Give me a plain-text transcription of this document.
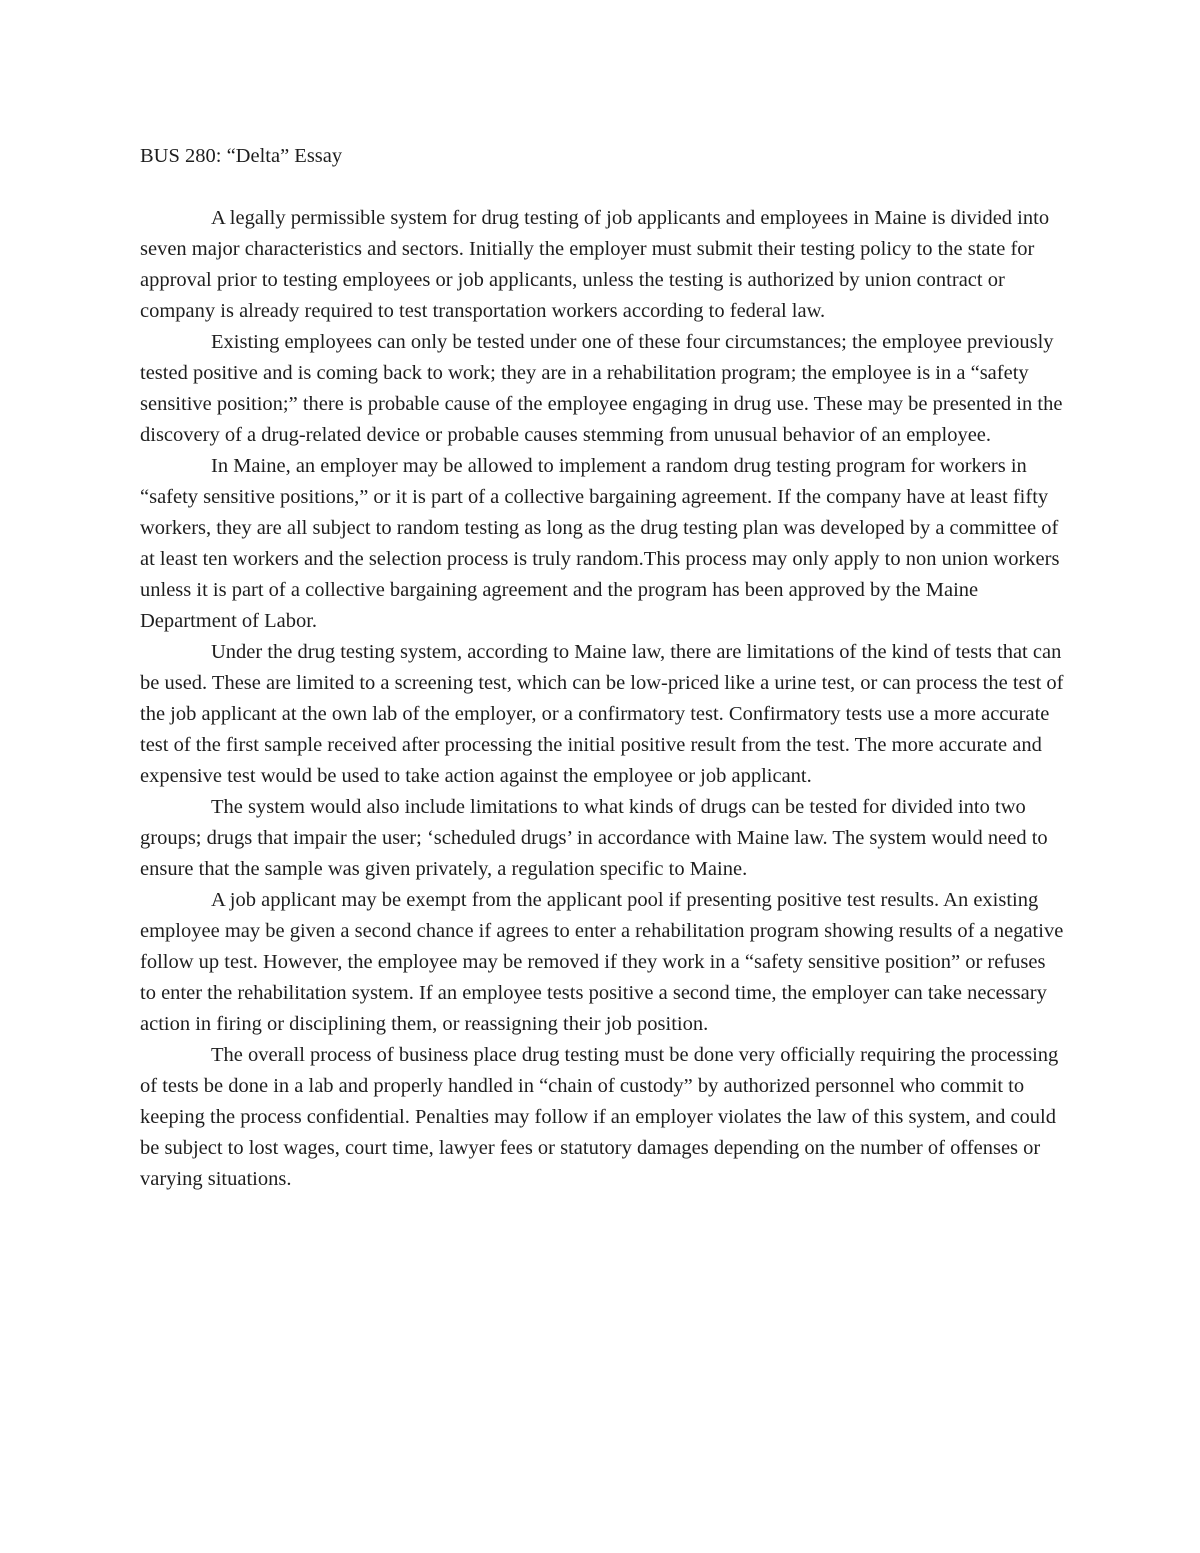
BUS 280: “Delta” Essay

A legally permissible system for drug testing of job applicants and employees in Maine is divided into seven major characteristics and sectors. Initially the employer must submit their testing policy to the state for approval prior to testing employees or job applicants, unless the testing is authorized by union contract or company is already required to test transportation workers according to federal law.

Existing employees can only be tested under one of these four circumstances; the employee previously tested positive and is coming back to work; they are in a rehabilitation program; the employee is in a “safety sensitive position;” there is probable cause of the employee engaging in drug use. These may be presented in the discovery of a drug-related device or probable causes stemming from unusual behavior of an employee.

In Maine, an employer may be allowed to implement a random drug testing program for workers in “safety sensitive positions,” or it is part of a collective bargaining agreement. If the company have at least fifty workers, they are all subject to random testing as long as the drug testing plan was developed by a committee of at least ten workers and the selection process is truly random.This process may only apply to non union workers unless it is part of a collective bargaining agreement and the program has been approved by the Maine Department of Labor.

Under the drug testing system, according to Maine law, there are limitations of the kind of tests that can be used. These are limited to a screening test, which can be low-priced like a urine test, or can process the test of the job applicant at the own lab of the employer, or a confirmatory test. Confirmatory tests use a more accurate test of the first sample received after processing the initial positive result from the test. The more accurate and expensive test would be used to take action against the employee or job applicant.

The system would also include limitations to what kinds of drugs can be tested for divided into two groups; drugs that impair the user; ‘scheduled drugs’ in accordance with Maine law. The system would need to ensure that the sample was given privately, a regulation specific to Maine.

A job applicant may be exempt from the applicant pool if presenting positive test results. An existing employee may be given a second chance if agrees to enter a rehabilitation program showing results of a negative follow up test. However, the employee may be removed if they work in a “safety sensitive position” or refuses to enter the rehabilitation system. If an employee tests positive a second time, the employer can take necessary action in firing or disciplining them, or reassigning their job position.

The overall process of business place drug testing must be done very officially requiring the processing of tests be done in a lab and properly handled in “chain of custody” by authorized personnel who commit to keeping the process confidential. Penalties may follow if an employer violates the law of this system, and could be subject to lost wages, court time, lawyer fees or statutory damages depending on the number of offenses or varying situations.
